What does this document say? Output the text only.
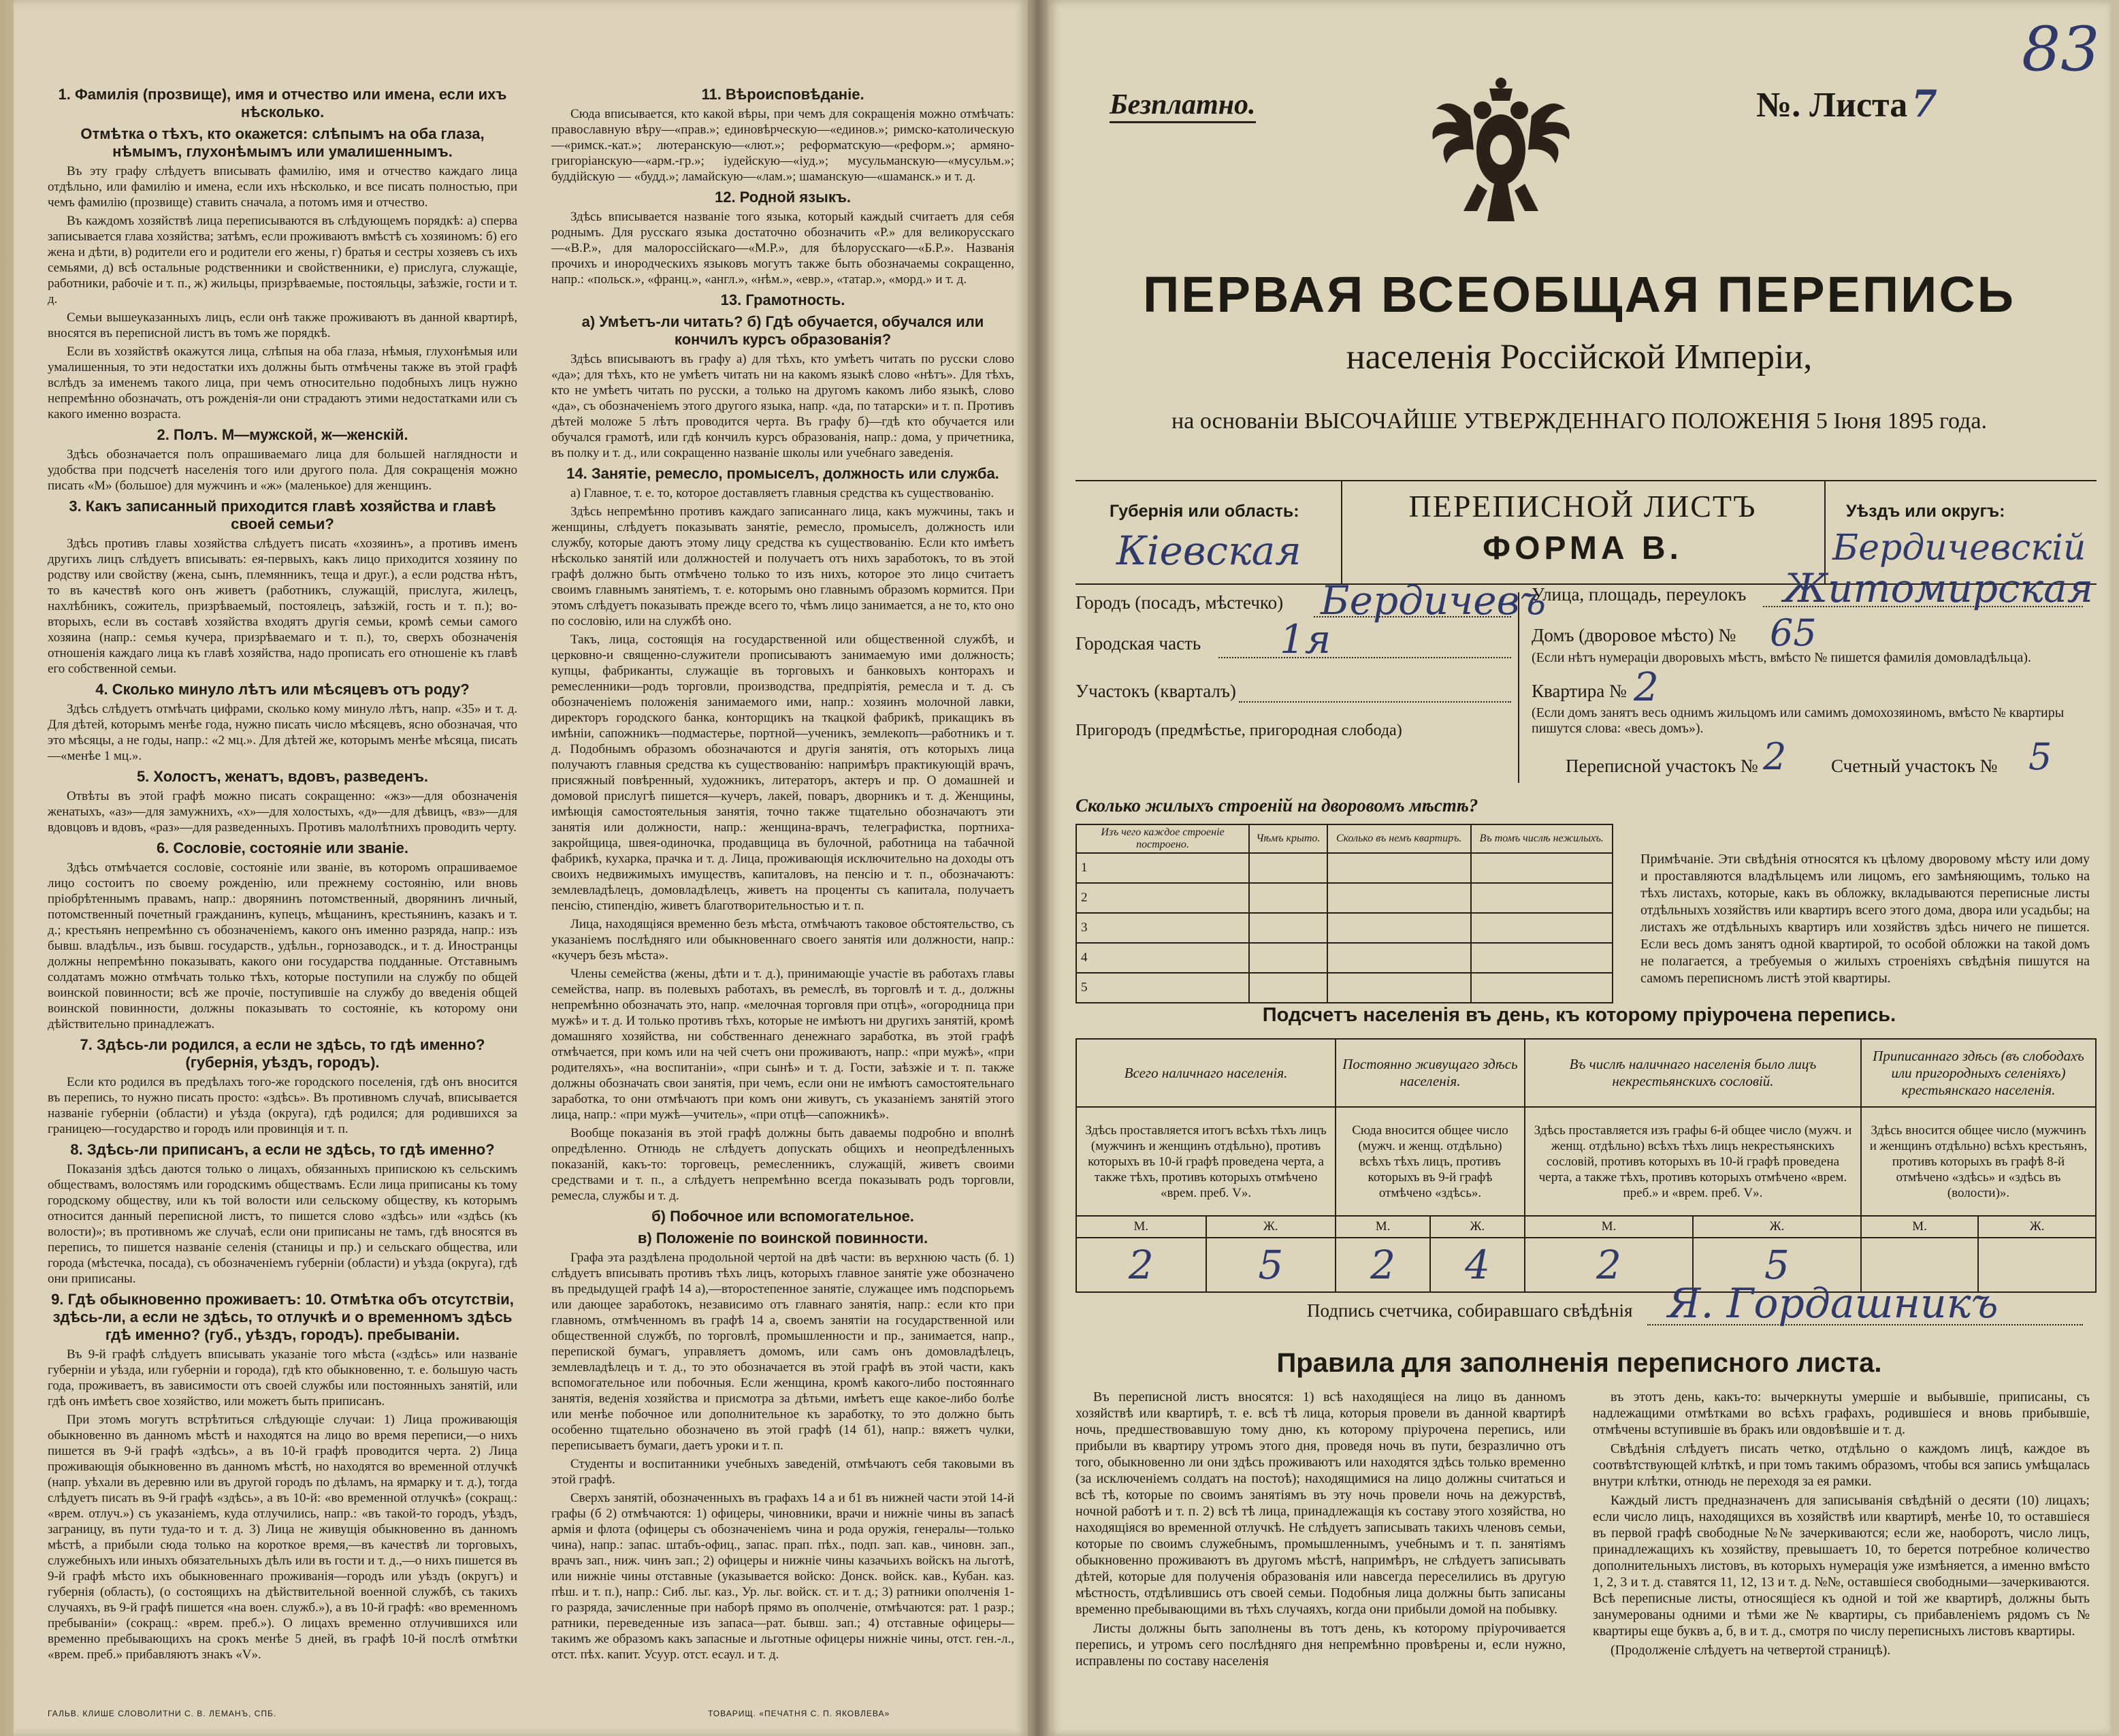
1. Фамилія (прозвище), имя и отчество или имена, если ихъ нѣсколько.
Отмѣтка о тѣхъ, кто окажется: слѣпымъ на оба глаза, нѣмымъ, глухонѣмымъ или умалишеннымъ.

Въ эту графу слѣдуетъ вписывать фамилію, имя и отчество каждаго лица отдѣльно, или фамилію и имена, если ихъ нѣсколько, и все писать полностью, при чемъ фамилію (прозвище) ставить сначала, а потомъ имя и отчество.

Въ каждомъ хозяйствѣ лица переписываются въ слѣдующемъ порядкѣ: а) сперва записывается глава хозяйства; затѣмъ, если проживаютъ вмѣстѣ съ хозяиномъ: б) его жена и дѣти, в) родители его и родители его жены, г) братья и сестры хозяевъ съ ихъ семьями, д) всѣ остальные родственники и свойственники, е) прислуга, служащіе, работники, рабочіе и т. п., ж) жильцы, призрѣваемые, постояльцы, заѣзжіе, гости и т. д.

Семьи вышеуказанныхъ лицъ, если онѣ также проживаютъ въ данной квартирѣ, вносятся въ переписной листъ въ томъ же порядкѣ.

Если въ хозяйствѣ окажутся лица, слѣпыя на оба глаза, нѣмыя, глухонѣмыя или умалишенныя, то эти недостатки ихъ должны быть отмѣчены также въ этой графѣ вслѣдъ за именемъ такого лица, при чемъ относительно подобныхъ лицъ нужно непремѣнно обозначать, отъ рожденія-ли они страдаютъ этими недостатками или съ какого именно возраста.

2. Полъ. М—мужской, ж—женскій.

Здѣсь обозначается полъ опрашиваемаго лица для большей наглядности и удобства при подсчетѣ населенія того или другого пола. Для сокращенія можно писать «М» (большое) для мужчинъ и «ж» (маленькое) для женщинъ.

3. Какъ записанный приходится главѣ хозяйства и главѣ своей семьи?

Здѣсь противъ главы хозяйства слѣдуетъ писать «хозяинъ», а противъ именъ другихъ лицъ слѣдуетъ вписывать: ея-первыхъ, какъ лицо приходится хозяину по родству или свойству (жена, сынъ, племянникъ, теща и друг.), а если родства нѣтъ, то въ качествѣ кого онъ живетъ (работникъ, служащій, прислуга, жилецъ, нахлѣбникъ, сожитель, призрѣваемый, постоялецъ, заѣзжій, гость и т. п.); во-вторыхъ, если въ составѣ хозяйства входятъ другія семьи, кромѣ семьи самого хозяина (напр.: семья кучера, призрѣваемаго и т. п.), то, сверхъ обозначенія отношенія каждаго лица къ главѣ хозяйства, надо прописать его отношеніе къ главѣ его собственной семьи.

4. Сколько минуло лѣтъ или мѣсяцевъ отъ роду?

Здѣсь слѣдуетъ отмѣчать цифрами, сколько кому минуло лѣтъ, напр. «35» и т. д. Для дѣтей, которымъ менѣе года, нужно писать число мѣсяцевъ, ясно обозначая, что это мѣсяцы, а не годы, напр.: «2 мц.». Для дѣтей же, которымъ менѣе мѣсяца, писать—«менѣе 1 мц.».

5. Холостъ, женатъ, вдовъ, разведенъ.

Отвѣты въ этой графѣ можно писать сокращенно: «жз»—для обозначенія женатыхъ, «аз»—для замужнихъ, «х»—для холостыхъ, «д»—для дѣвицъ, «вз»—для вдовцовъ и вдовъ, «раз»—для разведенныхъ. Противъ малолѣтнихъ проводить черту.

6. Сословіе, состояніе или званіе.

Здѣсь отмѣчается сословіе, состояніе или званіе, въ которомъ опрашиваемое лицо состоитъ по своему рожденію, или прежнему состоянію, или вновь пріобрѣтеннымъ правамъ, напр.: дворянинъ потомственный, дворянинъ личный, потомственный почетный гражданинъ, купецъ, мѣщанинъ, крестьянинъ, казакъ и т. д.; крестьянъ непремѣнно съ обозначеніемъ, какого онъ именно разряда, напр.: изъ бывш. владѣльч., изъ бывш. государств., удѣльн., горнозаводск., и т. д. Иностранцы должны непремѣнно показывать, какого они государства подданные. Отставнымъ солдатамъ можно отмѣчать только тѣхъ, которые поступили на службу по общей воинской повинности; всѣ же прочіе, поступившіе на службу до введенія общей воинской повинности, должны показывать то состояніе, къ которому они дѣйствительно принадлежатъ.

7. Здѣсь-ли родился, а если не здѣсь, то гдѣ именно? (губернія, уѣздъ, городъ).

Если кто родился въ предѣлахъ того-же городского поселенія, гдѣ онъ вносится въ перепись, то нужно писать просто: «здѣсь». Въ противномъ случаѣ, вписывается названіе губерніи (области) и уѣзда (округа), гдѣ родился; для родившихся за границею—государство и городъ или провинція и т. п.

8. Здѣсь-ли приписанъ, а если не здѣсь, то гдѣ именно?

Показанія здѣсь даются только о лицахъ, обязанныхъ припискою къ сельскимъ обществамъ, волостямъ или городскимъ обществамъ. Если лица приписаны къ тому городскому обществу, или къ той волости или сельскому обществу, къ которымъ относится данный переписной листъ, то пишется слово «здѣсь» или «здѣсь (къ волости)»; въ противномъ же случаѣ, если они приписаны не тамъ, гдѣ вносятся въ перепись, то пишется названіе селенія (станицы и пр.) и сельскаго общества, или города (мѣстечка, посада), съ обозначеніемъ губерніи (области) и уѣзда (округа), гдѣ они приписаны.

9. Гдѣ обыкновенно проживаетъ: 10. Отмѣтка объ отсутствіи, здѣсь-ли, а если не здѣсь, то отлучкѣ и о временномъ здѣсь гдѣ именно? (губ., уѣздъ, городъ). пребываніи.

Въ 9-й графѣ слѣдуетъ вписывать указаніе того мѣста («здѣсь» или названіе губерніи и уѣзда, или губерніи и города), гдѣ кто обыкновенно, т. е. большую часть года, проживаетъ, въ зависимости отъ своей службы или постоянныхъ занятій, или гдѣ онъ имѣетъ свое хозяйство, или можетъ быть приписанъ.

При этомъ могутъ встрѣтиться слѣдующіе случаи: 1) Лица проживающія обыкновенно въ данномъ мѣстѣ и находятся на лицо во время переписи,—о нихъ пишется въ 9-й графѣ «здѣсь», а въ 10-й графѣ проводится черта. 2) Лица проживающія обыкновенно въ данномъ мѣстѣ, но находятся во временной отлучкѣ (напр. уѣхали въ деревню или въ другой городъ по дѣламъ, на ярмарку и т. д.), тогда слѣдуетъ писать въ 9-й графѣ «здѣсь», а въ 10-й: «во временной отлучкѣ» (сокращ.: «врем. отлуч.») съ указаніемъ, куда отлучились, напр.: «въ такой-то городъ, уѣздъ, заграницу, въ пути туда-то и т. д. 3) Лица не живущія обыкновенно въ данномъ мѣстѣ, а прибыли сюда только на короткое время,—въ качествѣ ли торговыхъ, служебныхъ или иныхъ обязательныхъ дѣлъ или въ гости и т. д.,—о нихъ пишется въ 9-й графѣ мѣсто ихъ обыкновеннаго проживанія—городъ или уѣздъ (округъ) и губернія (область), (о состоящихъ на дѣйствительной военной службѣ, съ такихъ случаяхъ, въ 9-й графѣ пишется «на воен. служб.»), а въ 10-й графѣ: «во временномъ пребываніи» (сокращ.: «врем. преб.»). О лицахъ временно отлучившихся или временно пребывающихъ на срокъ менѣе 5 дней, въ графѣ 10-й послѣ отмѣтки «врем. преб.» прибавляютъ знакъ «V».

11. Вѣроисповѣданіе.

Сюда вписывается, кто какой вѣры, при чемъ для сокращенія можно отмѣчать: православную вѣру—«прав.»; единовѣрческую—«единов.»; римско-католическую—«римск.-кат.»; лютеранскую—«лют.»; реформатскую—«реформ.»; армяно-григоріанскую—«арм.-гр.»; іудейскую—«іуд.»; мусульманскую—«мусульм.»; буддійскую — «будд.»; ламайскую—«лам.»; шаманскую—«шаманск.» и т. д.

12. Родной языкъ.

Здѣсь вписывается названіе того языка, который каждый считаетъ для себя роднымъ. Для русскаго языка достаточно обозначить «Р.» для великорусскаго—«В.Р.», для малороссійскаго—«М.Р.», для бѣлорусскаго—«Б.Р.». Названія прочихъ и инородческихъ языковъ могутъ также быть обозначаемы сокращенно, напр.: «польск.», «франц.», «англ.», «нѣм.», «евр.», «татар.», «морд.» и т. д.

13. Грамотность.
а) Умѣетъ-ли читать? б) Гдѣ обучается, обучался или кончилъ курсъ образованія?

Здѣсь вписываютъ въ графу а) для тѣхъ, кто умѣетъ читать по русски слово «да»; для тѣхъ, кто не умѣетъ читать ни на какомъ языкѣ слово «нѣтъ». Для тѣхъ, кто не умѣетъ читать по русски, а только на другомъ какомъ либо языкѣ, слово «да», съ обозначеніемъ этого другого языка, напр. «да, по татарски» и т. п. Противъ дѣтей моложе 5 лѣтъ проводится черта. Въ графу б)—гдѣ кто обучается или обучался грамотѣ, или гдѣ кончилъ курсъ образованія, напр.: дома, у причетника, въ полку и т. д., или сокращенно названіе школы или учебнаго заведенія.

14. Занятіе, ремесло, промыселъ, должность или служба.

а) Главное, т. е. то, которое доставляетъ главныя средства къ существованію.

Здѣсь непремѣнно противъ каждаго записаннаго лица, какъ мужчины, такъ и женщины, слѣдуетъ показывать занятіе, ремесло, промыселъ, должность или службу, которые даютъ этому лицу средства къ существованію. Если кто имѣетъ нѣсколько занятій или должностей и получаетъ отъ нихъ заработокъ, то въ этой графѣ должно быть отмѣчено только то изъ нихъ, которое это лицо считаетъ своимъ главнымъ занятіемъ, т. е. которымъ оно главнымъ образомъ кормится. При этомъ слѣдуетъ показывать прежде всего то, чѣмъ лицо занимается, а не то, кто оно по сословію, или на службѣ оно.

Такъ, лица, состоящія на государственной или общественной службѣ, и церковно-и священно-служители прописываютъ занимаемую ими должность; купцы, фабриканты, служащіе въ торговыхъ и банковыхъ конторахъ и ремесленники—родъ торговли, производства, предпріятія, ремесла и т. д. съ обозначеніемъ положенія занимаемого ими, напр.: хозяинъ молочной лавки, директоръ городского банка, конторщикъ на ткацкой фабрикѣ, прикащикъ въ имѣніи, сапожникъ—подмастерье, портной—ученикъ, землекопъ—работникъ и т. д. Подобнымъ образомъ обозначаются и другія занятія, отъ которыхъ лица получаютъ главныя средства къ существованію: напримѣръ практикующій врачъ, присяжный повѣренный, художникъ, литераторъ, актеръ и пр. О домашней и домовой прислугѣ пишется—кучеръ, лакей, поваръ, дворникъ и т. д. Женщины, имѣющія самостоятельныя занятія, точно также тщательно обозначаютъ эти занятія или должности, напр.: женщина-врачъ, телеграфистка, портниха-закройщица, швея-одиночка, продавщица въ булочной, работница на табачной фабрикѣ, кухарка, прачка и т. д. Лица, проживающія исключительно на доходы отъ своихъ недвижимыхъ имуществъ, капиталовъ, на пенсію и т. п., обозначаютъ: землевладѣлецъ, домовладѣлецъ, живетъ на проценты съ капитала, получаетъ пенсію, стипендію, живетъ благотворительностью и т. п.

Лица, находящіяся временно безъ мѣста, отмѣчаютъ таковое обстоятельство, съ указаніемъ послѣдняго или обыкновеннаго своего занятія или должности, напр.: «кучеръ безъ мѣста».

Члены семейства (жены, дѣти и т. д.), принимающіе участіе въ работахъ главы семейства, напр. въ полевыхъ работахъ, въ ремеслѣ, въ торговлѣ и т. д., должны непремѣнно обозначать это, напр. «мелочная торговля при отцѣ», «огородница при мужѣ» и т. д. И только противъ тѣхъ, которые не имѣютъ ни другихъ занятій, кромѣ домашняго хозяйства, ни собственнаго денежнаго заработка, въ этой графѣ отмѣчается, при комъ или на чей счетъ они проживаютъ, напр.: «при мужѣ», «при родителяхъ», «на воспитаніи», «при сынѣ» и т. д. Гости, заѣзжіе и т. п. также должны обозначать свои занятія, при чемъ, если они не имѣютъ самостоятельнаго заработка, то они отмѣчаютъ при комъ они живутъ, съ указаніемъ занятій этого лица, напр.: «при мужѣ—учитель», «при отцѣ—сапожникѣ».

Вообще показанія въ этой графѣ должны быть даваемы подробно и вполнѣ опредѣленно. Отнюдь не слѣдуетъ допускать общихъ и неопредѣленныхъ показаній, какъ-то: торговецъ, ремесленникъ, служащій, живетъ своими средствами и т. п., а слѣдуетъ непремѣнно всегда показывать родъ торговли, ремесла, службы и т. д.

б) Побочное или вспомогательное.
в) Положеніе по воинской повинности.

Графа эта раздѣлена продольной чертой на двѣ части: въ верхнюю часть (б. 1) слѣдуетъ вписывать противъ тѣхъ лицъ, которыхъ главное занятіе уже обозначено въ предыдущей графѣ 14 а),—второстепенное занятіе, служащее имъ подспорьемъ или дающее заработокъ, независимо отъ главнаго занятія, напр.: если кто при главномъ, отмѣченномъ въ графѣ 14 а, своемъ занятіи на государственной или общественной службѣ, по торговлѣ, промышленности и пр., занимается, напр., перепиской бумагъ, управляетъ домомъ, или самъ онъ домовладѣлецъ, землевладѣлецъ и т. д., то это обозначается въ этой графѣ въ этой части, какъ вспомогательное или побочныя. Если женщина, кромѣ какого-либо постояннаго занятія, веденія хозяйства и присмотра за дѣтьми, имѣетъ еще какое-либо болѣе или менѣе побочное или дополнительное къ заработку, то это должно быть особенно тщательно обозначено въ этой графѣ (14 б1), напр.: вяжетъ чулки, переписываетъ бумаги, даетъ уроки и т. п.

Студенты и воспитанники учебныхъ заведеній, отмѣчаютъ себя таковыми въ этой графѣ.

Сверхъ занятій, обозначенныхъ въ графахъ 14 а и б1 въ нижней части этой 14-й графы (б 2) отмѣчаются: 1) офицеры, чиновники, врачи и нижніе чины въ запасѣ армія и флота (офицеры съ обозначеніемъ чина и рода оружія, генералы—только чина), напр.: запас. штабъ-офиц., запас. прап. пѣх., подп. зап. кав., чиновн. зап., врачъ зап., ниж. чинъ зап.; 2) офицеры и нижніе чины казачьихъ войскъ на льготѣ, или нижніе чины отставные (указывается войско: Донск. войск. кав., Кубан. каз. пѣш. и т. п.), напр.: Сиб. льг. каз., Ур. льг. войск. ст. и т. д.; 3) ратники ополченія 1-го разряда, зачисленные при наборѣ прямо въ ополченіе, отмѣчаются: рат. 1 разр.; ратники, переведенные изъ запаса—рат. бывш. зап.; 4) отставные офицеры—такимъ же образомъ какъ запасные и льготные офицеры нижніе чины, отст. ген.-л., отст. пѣх. капит. Усуур. отст. есаул. и т. д.

ГАЛЬВ. КЛИШЕ СЛОВОЛИТНИ С. В. ЛЕМАНЪ, СПБ.	ТОВАРИЩ. «ПЕЧАТНЯ С. П. ЯКОВЛЕВА»
83
Безплатно.	№. Листа 7
ПЕРВАЯ ВСЕОБЩАЯ ПЕРЕПИСЬ
населенія Россійской Имперіи,
на основаніи ВЫСОЧАЙШЕ УТВЕРЖДЕННАГО ПОЛОЖЕНІЯ 5 Іюня 1895 года.
Губернія или область:
Кіевская
ПЕРЕПИСНОЙ ЛИСТЪ
ФОРМА В.
Уѣздъ или округъ:
Бердичевскій
Городъ (посадъ, мѣстечко) Бердичевъ
Городская часть 1я
Участокъ (кварталъ)
Пригородъ (предмѣстье, пригородная слобода)
Улица, площадь, переулокъ Житомирская
Домъ (дворовое мѣсто) № 65
(Если нѣтъ нумераціи дворовыхъ мѣстъ, вмѣсто № пишется фамилія домовладѣльца).
Квартира № 2
(Если домъ занятъ весь однимъ жильцомъ или самимъ домохозяиномъ, вмѣсто № квартиры пишутся слова: «весь домъ»).
Переписной участокъ № 2 Счетный участокъ № 5
Сколько жилыхъ строеній на дворовомъ мѣстѣ?
Изъ чего каждое строеніе построено.	Чѣмъ крыто.	Сколько въ немъ квартиръ.	Въ томъ числѣ нежилыхъ.
1			
2			
3			
4			
5			
Примѣчаніе. Эти свѣдѣнія относятся къ цѣлому дворовому мѣсту или дому и проставляются владѣльцемъ или лицомъ, его замѣняющимъ, только на тѣхъ листахъ, которые, какъ въ обложку, вкладываются переписные листы отдѣльныхъ хозяйствъ или квартиръ всего этого дома, двора или усадьбы; на листахъ же отдѣльныхъ квартиръ или хозяйствъ здѣсь ничего не пишется. Если весь домъ занятъ одной квартирой, то особой обложки на такой домъ не полагается, а требуемыя о жилыхъ строеніяхъ свѣдѣнія пишутся на самомъ переписномъ листѣ этой квартиры.
Подсчетъ населенія въ день, къ которому пріурочена перепись.
Всего наличнаго населенія.		Постоянно живущаго здѣсь населенія.		Въ числѣ наличнаго населенія было лицъ некрестьянскихъ сословій.		Приписаннаго здѣсь (въ слободахъ или пригородныхъ селеніяхъ) крестьянскаго населенія.	
Здѣсь проставляется итогъ всѣхъ тѣхъ лицъ (мужчинъ и женщинъ отдѣльно), противъ которыхъ въ 10-й графѣ проведена черта, а также тѣхъ, противъ которыхъ отмѣчено «врем. преб. V».		Сюда вносится общее число (мужч. и женщ. отдѣльно) всѣхъ тѣхъ лицъ, противъ которыхъ въ 9-й графѣ отмѣчено «здѣсь».		Здѣсь проставляется изъ графы 6-й общее число (мужч. и женщ. отдѣльно) всѣхъ тѣхъ лицъ некрестьянскихъ сословій, противъ которыхъ въ 10-й графѣ проведена черта, а также тѣхъ, противъ которыхъ отмѣчено «врем. преб.» и «врем. преб. V».		Здѣсь вносится общее число (мужчинъ и женщинъ отдѣльно) всѣхъ крестьянъ, противъ которыхъ въ графѣ 8-й отмѣчено «здѣсь» и «здѣсь въ (волости)».	
М.	Ж.	М.	Ж.	М.	Ж.	М.	Ж.
2	5	2	4	2	5		
Подпись счетчика, собиравшаго свѣдѣнія Я. Гордашникъ
Правила для заполненія переписного листа.

Въ переписной листъ вносятся: 1) всѣ находящіеся на лицо въ данномъ хозяйствѣ или квартирѣ, т. е. всѣ тѣ лица, которыя провели въ данной квартирѣ ночь, предшествовавшую тому дню, къ которому пріурочена перепись, или прибыли въ квартиру утромъ этого дня, проведя ночь въ пути, безразлично отъ того, обыкновенно ли они здѣсь проживаютъ или находятся здѣсь только временно (за исключеніемъ солдатъ на постоѣ); находящимися на лицо должны считаться и всѣ тѣ, которые по своимъ занятіямъ въ эту ночь провели ночь на дежурствѣ, ночной работѣ и т. п. 2) всѣ тѣ лица, принадлежащія къ составу этого хозяйства, но находящіяся во временной отлучкѣ. Не слѣдуетъ записывать такихъ членовъ семьи, которые по своимъ служебнымъ, промышленнымъ, учебнымъ и т. п. занятіямъ обыкновенно проживаютъ въ другомъ мѣстѣ, напримѣръ, не слѣдуетъ записывать дѣтей, которые для полученія образованія или навсегда переселились въ другую мѣстность, отдѣлившись отъ своей семьи. Подобныя лица должны быть записаны временно пребывающими въ тѣхъ случаяхъ, когда они прибыли домой на побывку.

Листы должны быть заполнены въ тотъ день, къ которому пріурочивается перепись, и утромъ сего послѣдняго дня непремѣнно провѣрены и, если нужно, исправлены по составу населенія

въ этотъ день, какъ-то: вычеркнуты умершіе и выбывшіе, приписаны, съ надлежащими отмѣтками во всѣхъ графахъ, родившіеся и вновь прибывшіе, отмѣчены вступившіе въ бракъ или овдовѣвшіе и т. д.

Свѣдѣнія слѣдуетъ писать четко, отдѣльно о каждомъ лицѣ, каждое въ соотвѣтствующей клѣткѣ, и при томъ такимъ образомъ, чтобы вся запись умѣщалась внутри клѣтки, отнюдь не переходя за ея рамки.

Каждый листъ предназначенъ для записыванія свѣдѣній о десяти (10) лицахъ; если число лицъ, находящихся въ хозяйствѣ или квартирѣ, менѣе 10, то оставшіеся въ первой графѣ свободные №№ зачеркиваются; если же, наоборотъ, число лицъ, принадлежащихъ къ хозяйству, превышаетъ 10, то берется потребное количество дополнительныхъ листовъ, въ которыхъ нумерація уже измѣняется, а именно вмѣсто 1, 2, 3 и т. д. ставятся 11, 12, 13 и т. д. №№, оставшіеся свободными—зачеркиваются. Всѣ переписные листы, относящіеся къ одной и той же квартирѣ, должны быть занумерованы одними и тѣми же № квартиры, съ прибавленіемъ рядомъ съ № квартиры еще буквъ а, б, в и т. д., смотря по числу переписныхъ листовъ квартиры.

(Продолженіе слѣдуетъ на четвертой страницѣ).
